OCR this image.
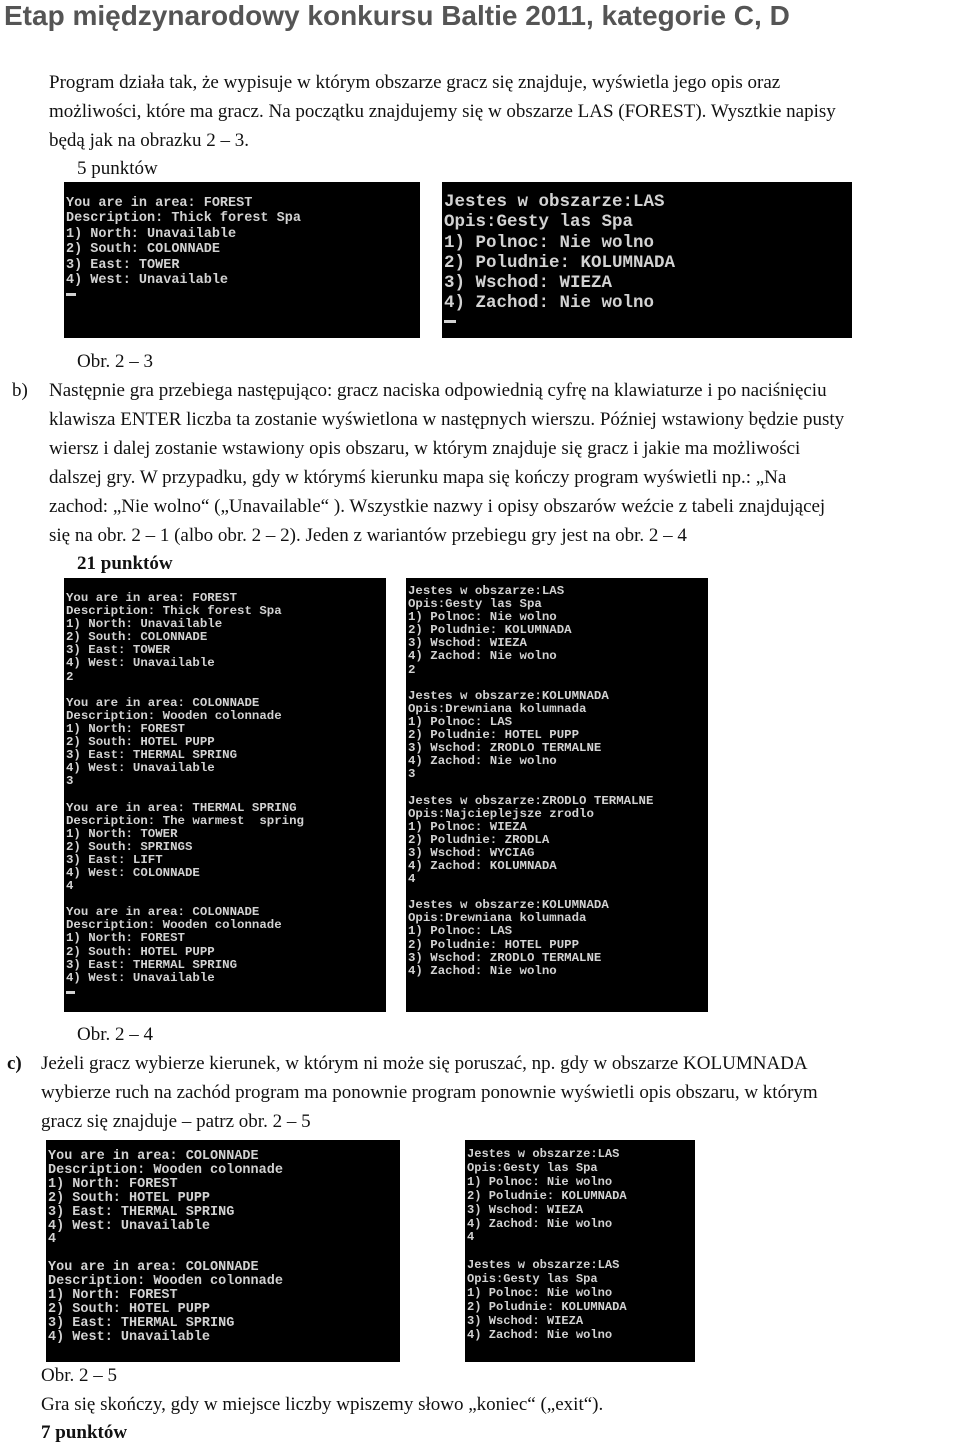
Etap międzynarodowy konkursu Baltie 2011, kategorie C, D
Program działa tak, że wypisuje w którym obszarze gracz się znajduje, wyświetla jego opis oraz
możliwości, które ma gracz. Na początku znajdujemy się w obszarze LAS (FOREST). Wysztkie napisy
będą jak na obrazku 2 – 3.
5 punktów
You are in area: FOREST
Description: Thick forest Spa
1) North: Unavailable
2) South: COLONNADE
3) East: TOWER
4) West: Unavailable
Jestes w obszarze:LAS
Opis:Gesty las Spa
1) Polnoc: Nie wolno
2) Poludnie: KOLUMNADA
3) Wschod: WIEZA
4) Zachod: Nie wolno
Obr. 2 – 3
b) Następnie gra przebiega następująco: gracz naciska odpowiednią cyfrę na klawiaturze i po naciśnięciu
klawisza ENTER liczba ta zostanie wyświetlona w następnych wierszu. Później wstawiony będzie pusty
wiersz i dalej zostanie wstawiony opis obszaru, w którym znajduje się gracz i jakie ma możliwości
dalszej gry. W przypadku, gdy w którymś kierunku mapa się kończy program wyświetli np.: „Na
zachod: „Nie wolno“ („Unavailable“ ). Wszystkie nazwy i opisy obszarów weźcie z tabeli znajdującej
się na obr. 2 – 1 (albo obr. 2 – 2). Jeden z wariantów przebiegu gry jest na obr. 2 – 4
21 punktów
You are in area: FOREST
Description: Thick forest Spa
1) North: Unavailable
2) South: COLONNADE
3) East: TOWER
4) West: Unavailable
2

You are in area: COLONNADE
Description: Wooden colonnade
1) North: FOREST
2) South: HOTEL PUPP
3) East: THERMAL SPRING
4) West: Unavailable
3

You are in area: THERMAL SPRING
Description: The warmest  spring
1) North: TOWER
2) South: SPRINGS
3) East: LIFT
4) West: COLONNADE
4

You are in area: COLONNADE
Description: Wooden colonnade
1) North: FOREST
2) South: HOTEL PUPP
3) East: THERMAL SPRING
4) West: Unavailable
Jestes w obszarze:LAS
Opis:Gesty las Spa
1) Polnoc: Nie wolno
2) Poludnie: KOLUMNADA
3) Wschod: WIEZA
4) Zachod: Nie wolno
2

Jestes w obszarze:KOLUMNADA
Opis:Drewniana kolumnada
1) Polnoc: LAS
2) Poludnie: HOTEL PUPP
3) Wschod: ZRODLO TERMALNE
4) Zachod: Nie wolno
3

Jestes w obszarze:ZRODLO TERMALNE
Opis:Najcieplejsze zrodlo
1) Polnoc: WIEZA
2) Poludnie: ZRODLA
3) Wschod: WYCIAG
4) Zachod: KOLUMNADA
4

Jestes w obszarze:KOLUMNADA
Opis:Drewniana kolumnada
1) Polnoc: LAS
2) Poludnie: HOTEL PUPP
3) Wschod: ZRODLO TERMALNE
4) Zachod: Nie wolno
Obr. 2 – 4
c) Jeżeli gracz wybierze kierunek, w którym ni może się poruszać, np. gdy w obszarze KOLUMNADA
wybierze ruch na zachód program ma ponownie program ponownie wyświetli opis obszaru, w którym
gracz się znajduje – patrz obr. 2 – 5
You are in area: COLONNADE
Description: Wooden colonnade
1) North: FOREST
2) South: HOTEL PUPP
3) East: THERMAL SPRING
4) West: Unavailable
4

You are in area: COLONNADE
Description: Wooden colonnade
1) North: FOREST
2) South: HOTEL PUPP
3) East: THERMAL SPRING
4) West: Unavailable
Jestes w obszarze:LAS
Opis:Gesty las Spa
1) Polnoc: Nie wolno
2) Poludnie: KOLUMNADA
3) Wschod: WIEZA
4) Zachod: Nie wolno
4

Jestes w obszarze:LAS
Opis:Gesty las Spa
1) Polnoc: Nie wolno
2) Poludnie: KOLUMNADA
3) Wschod: WIEZA
4) Zachod: Nie wolno
Obr. 2 – 5
Gra się skończy, gdy w miejsce liczby wpiszemy słowo „koniec“ („exit“).
7 punktów
